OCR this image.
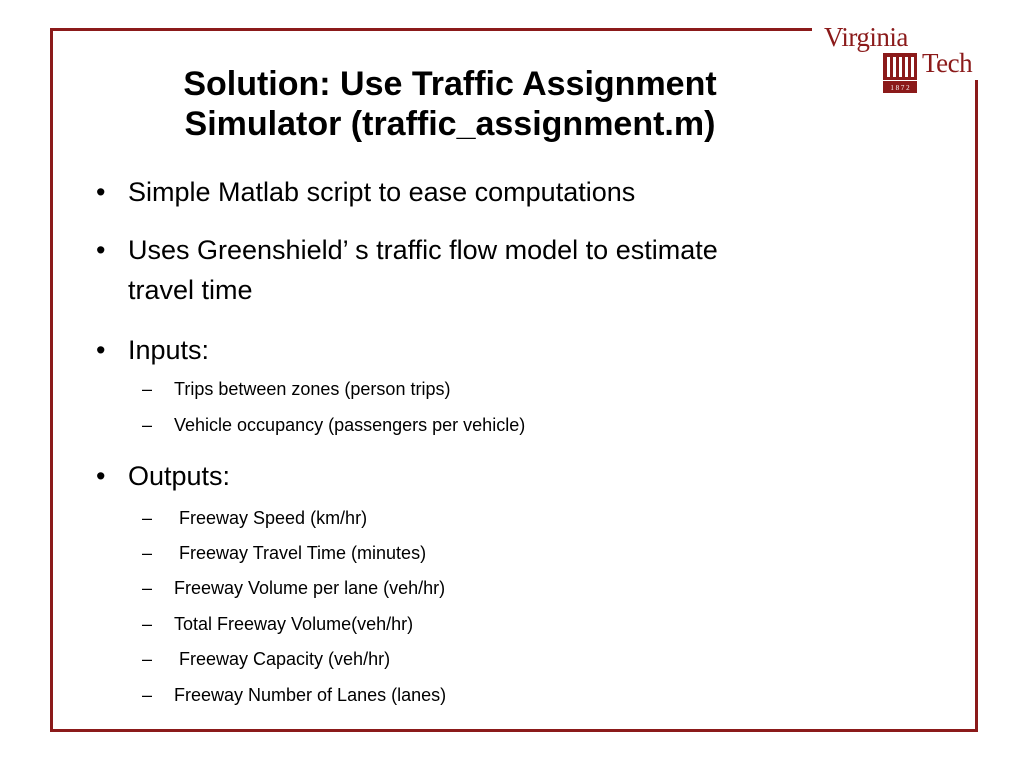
Virginia
1 8 7 2
Tech
Solution: Use Traffic Assignment
Simulator (traffic_assignment.m)
• Simple Matlab script to ease computations
• Uses Greenshield’ s traffic flow model to estimate
travel time
• Inputs:
– Trips between zones (person trips)
– Vehicle occupancy (passengers per vehicle)
• Outputs:
– Freeway Speed (km/hr)
– Freeway Travel Time (minutes)
– Freeway Volume per lane (veh/hr)
– Total Freeway Volume(veh/hr)
– Freeway Capacity (veh/hr)
– Freeway Number of Lanes (lanes)
